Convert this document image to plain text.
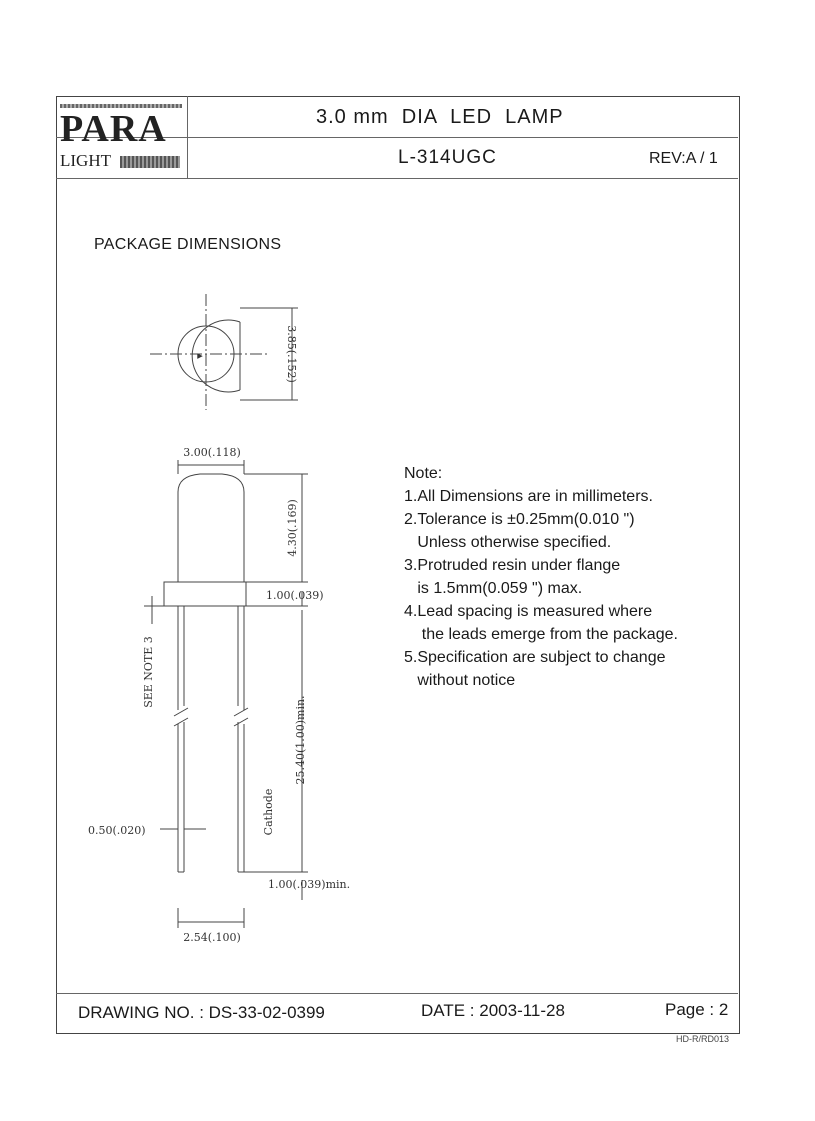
PARA
LIGHT
3.0 mm  DIA  LED  LAMP
L-314UGC	REV:A / 1
PACKAGE DIMENSIONS
▸	3.85(.152)
3.00(.118)
4.30(.169)
1.00(.039)
SEE NOTE 3
25.40(1.00)min.
Cathode
0.50(.020)
1.00(.039)min.
2.54(.100)
Note:
1.All Dimensions are in millimeters.
2.Tolerance is ±0.25mm(0.010 ")
Unless otherwise specified.
3.Protruded resin under flange
is 1.5mm(0.059 ") max.
4.Lead spacing is measured where
the leads emerge from the package.
5.Specification are subject to change
without notice
DRAWING NO. : DS-33-02-0399	DATE : 2003-11-28	Page : 2
HD-R/RD013
